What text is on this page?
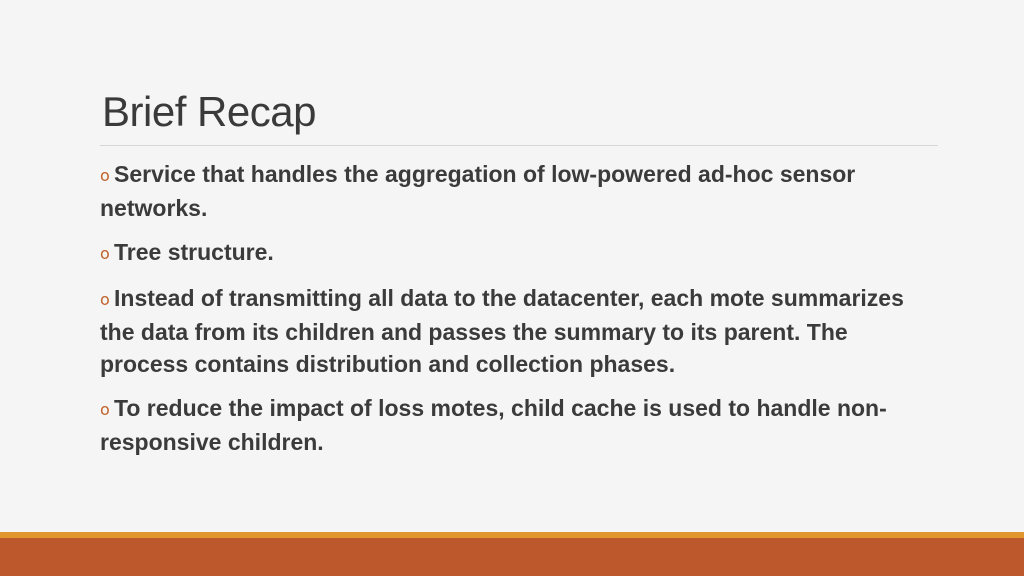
Brief Recap
o Service that handles the aggregation of low-powered ad-hoc sensor networks.
o Tree structure.
o Instead of transmitting all data to the datacenter, each mote summarizes the data from its children and passes the summary to its parent. The process contains distribution and collection phases.
o To reduce the impact of loss motes, child cache is used to handle non-responsive children.
